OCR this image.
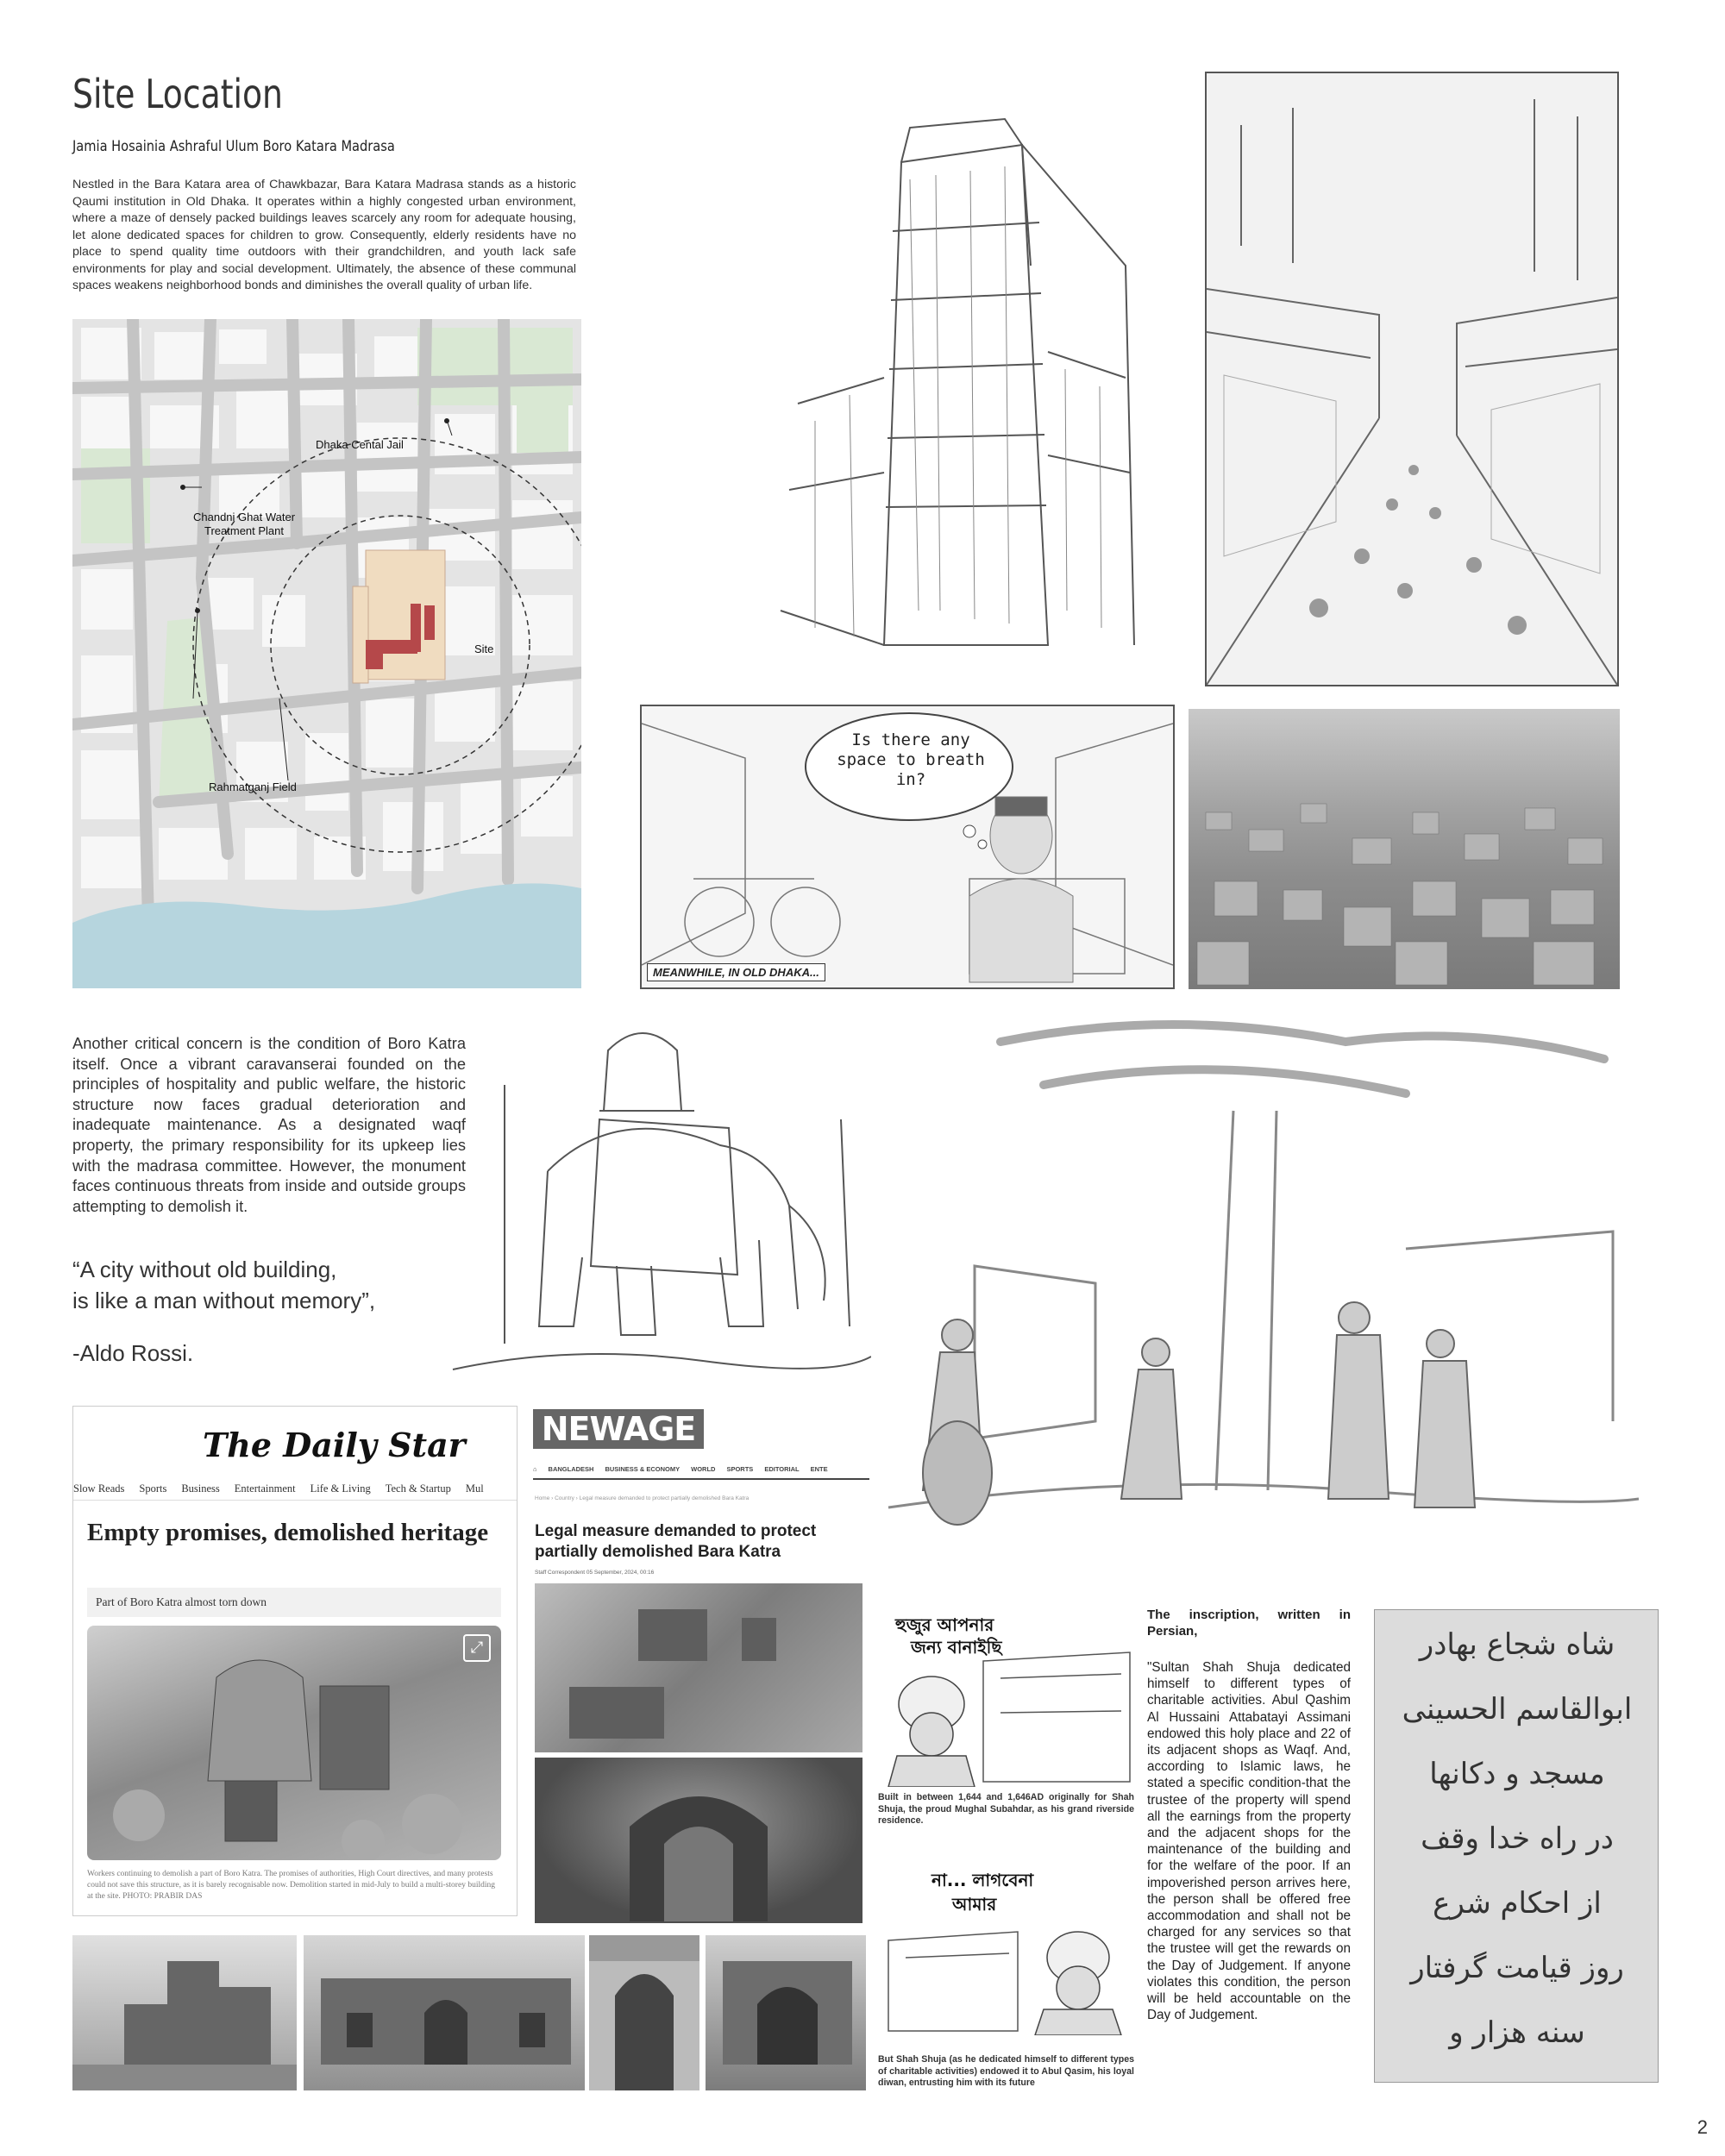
Site Location
Jamia Hosainia Ashraful Ulum Boro Katara Madrasa
Nestled in the Bara Katara area of Chawkbazar, Bara Katara Madrasa stands as a historic Qaumi institution in Old Dhaka. It operates within a highly congested urban environment, where a maze of densely packed buildings leaves scarcely any room for adequate housing, let alone dedicated spaces for children to grow. Consequently, elderly residents have no place to spend quality time outdoors with their grandchildren, and youth lack safe environments for play and social development. Ultimately, the absence of these communal spaces weakens neighborhood bonds and diminishes the overall quality of urban life.
Dhaka Cental Jail
Chandni Ghat Water
Treatment Plant
Site
Rahmatganj Field
Is there any space to breath in?
MEANWHILE, IN OLD DHAKA...
Another critical concern is the condition of Boro Katra itself. Once a vibrant caravanserai founded on the principles of hospitality and public welfare, the historic structure now faces gradual deterioration and inadequate maintenance. As a designated waqf property, the primary responsibility for its upkeep lies with the madrasa committee. However, the monument faces continuous threats from inside and outside groups attempting to demolish it.
“A city without old building,
is like a man without memory”,
-Aldo Rossi.
The Daily Star
Slow Reads Sports Business Entertainment Life & Living Tech & Startup Mul
Empty promises, demolished heritage
Part of Boro Katra almost torn down
⤢
Workers continuing to demolish a part of Boro Katra. The promises of authorities, High Court directives, and many protests could not save this structure, as it is barely recognisable now. Demolition started in mid-July to build a multi-storey building at the site. PHOTO: PRABIR DAS
NEWAGE
⌂ BANGLADESH BUSINESS & ECONOMY WORLD SPORTS EDITORIAL ENTE
Home › Country › Legal measure demanded to protect partially demolished Bara Katra
Legal measure demanded to protect partially demolished Bara Katra
Staff Correspondent 05 September, 2024, 00:16
হুজুর আপনার
জন্য বানাইছি
Built in between 1,644 and 1,646AD originally for Shah Shuja, the proud Mughal Subahdar, as his grand riverside residence.
না... লাগবেনা
আমার
But Shah Shuja (as he dedicated himself to different types of charitable activities) endowed it to Abul Qasim, his loyal diwan, entrusting him with its future
The inscription, written in Persian,
"Sultan Shah Shuja dedicated himself to different types of charitable activities. Abul Qashim Al Hussaini Attabatayi Assimani endowed this holy place and 22 of its adjacent shops as Waqf. And, according to Islamic laws, he stated a specific condition-that the trustee of the property will spend all the earnings from the property and the adjacent shops for the maintenance of the building and for the welfare of the poor. If an impoverished person arrives here, the person shall be offered free accommodation and shall not be charged for any services so that the trustee will get the rewards on the Day of Judgement. If anyone violates this condition, the person will be held accountable on the Day of Judgement.
شاه شجاع بهادر
ابوالقاسم الحسینی
مسجد و دکانها
در راه خدا وقف
از احکام شرع
روز قیامت گرفتار
سنه هزار و
2
